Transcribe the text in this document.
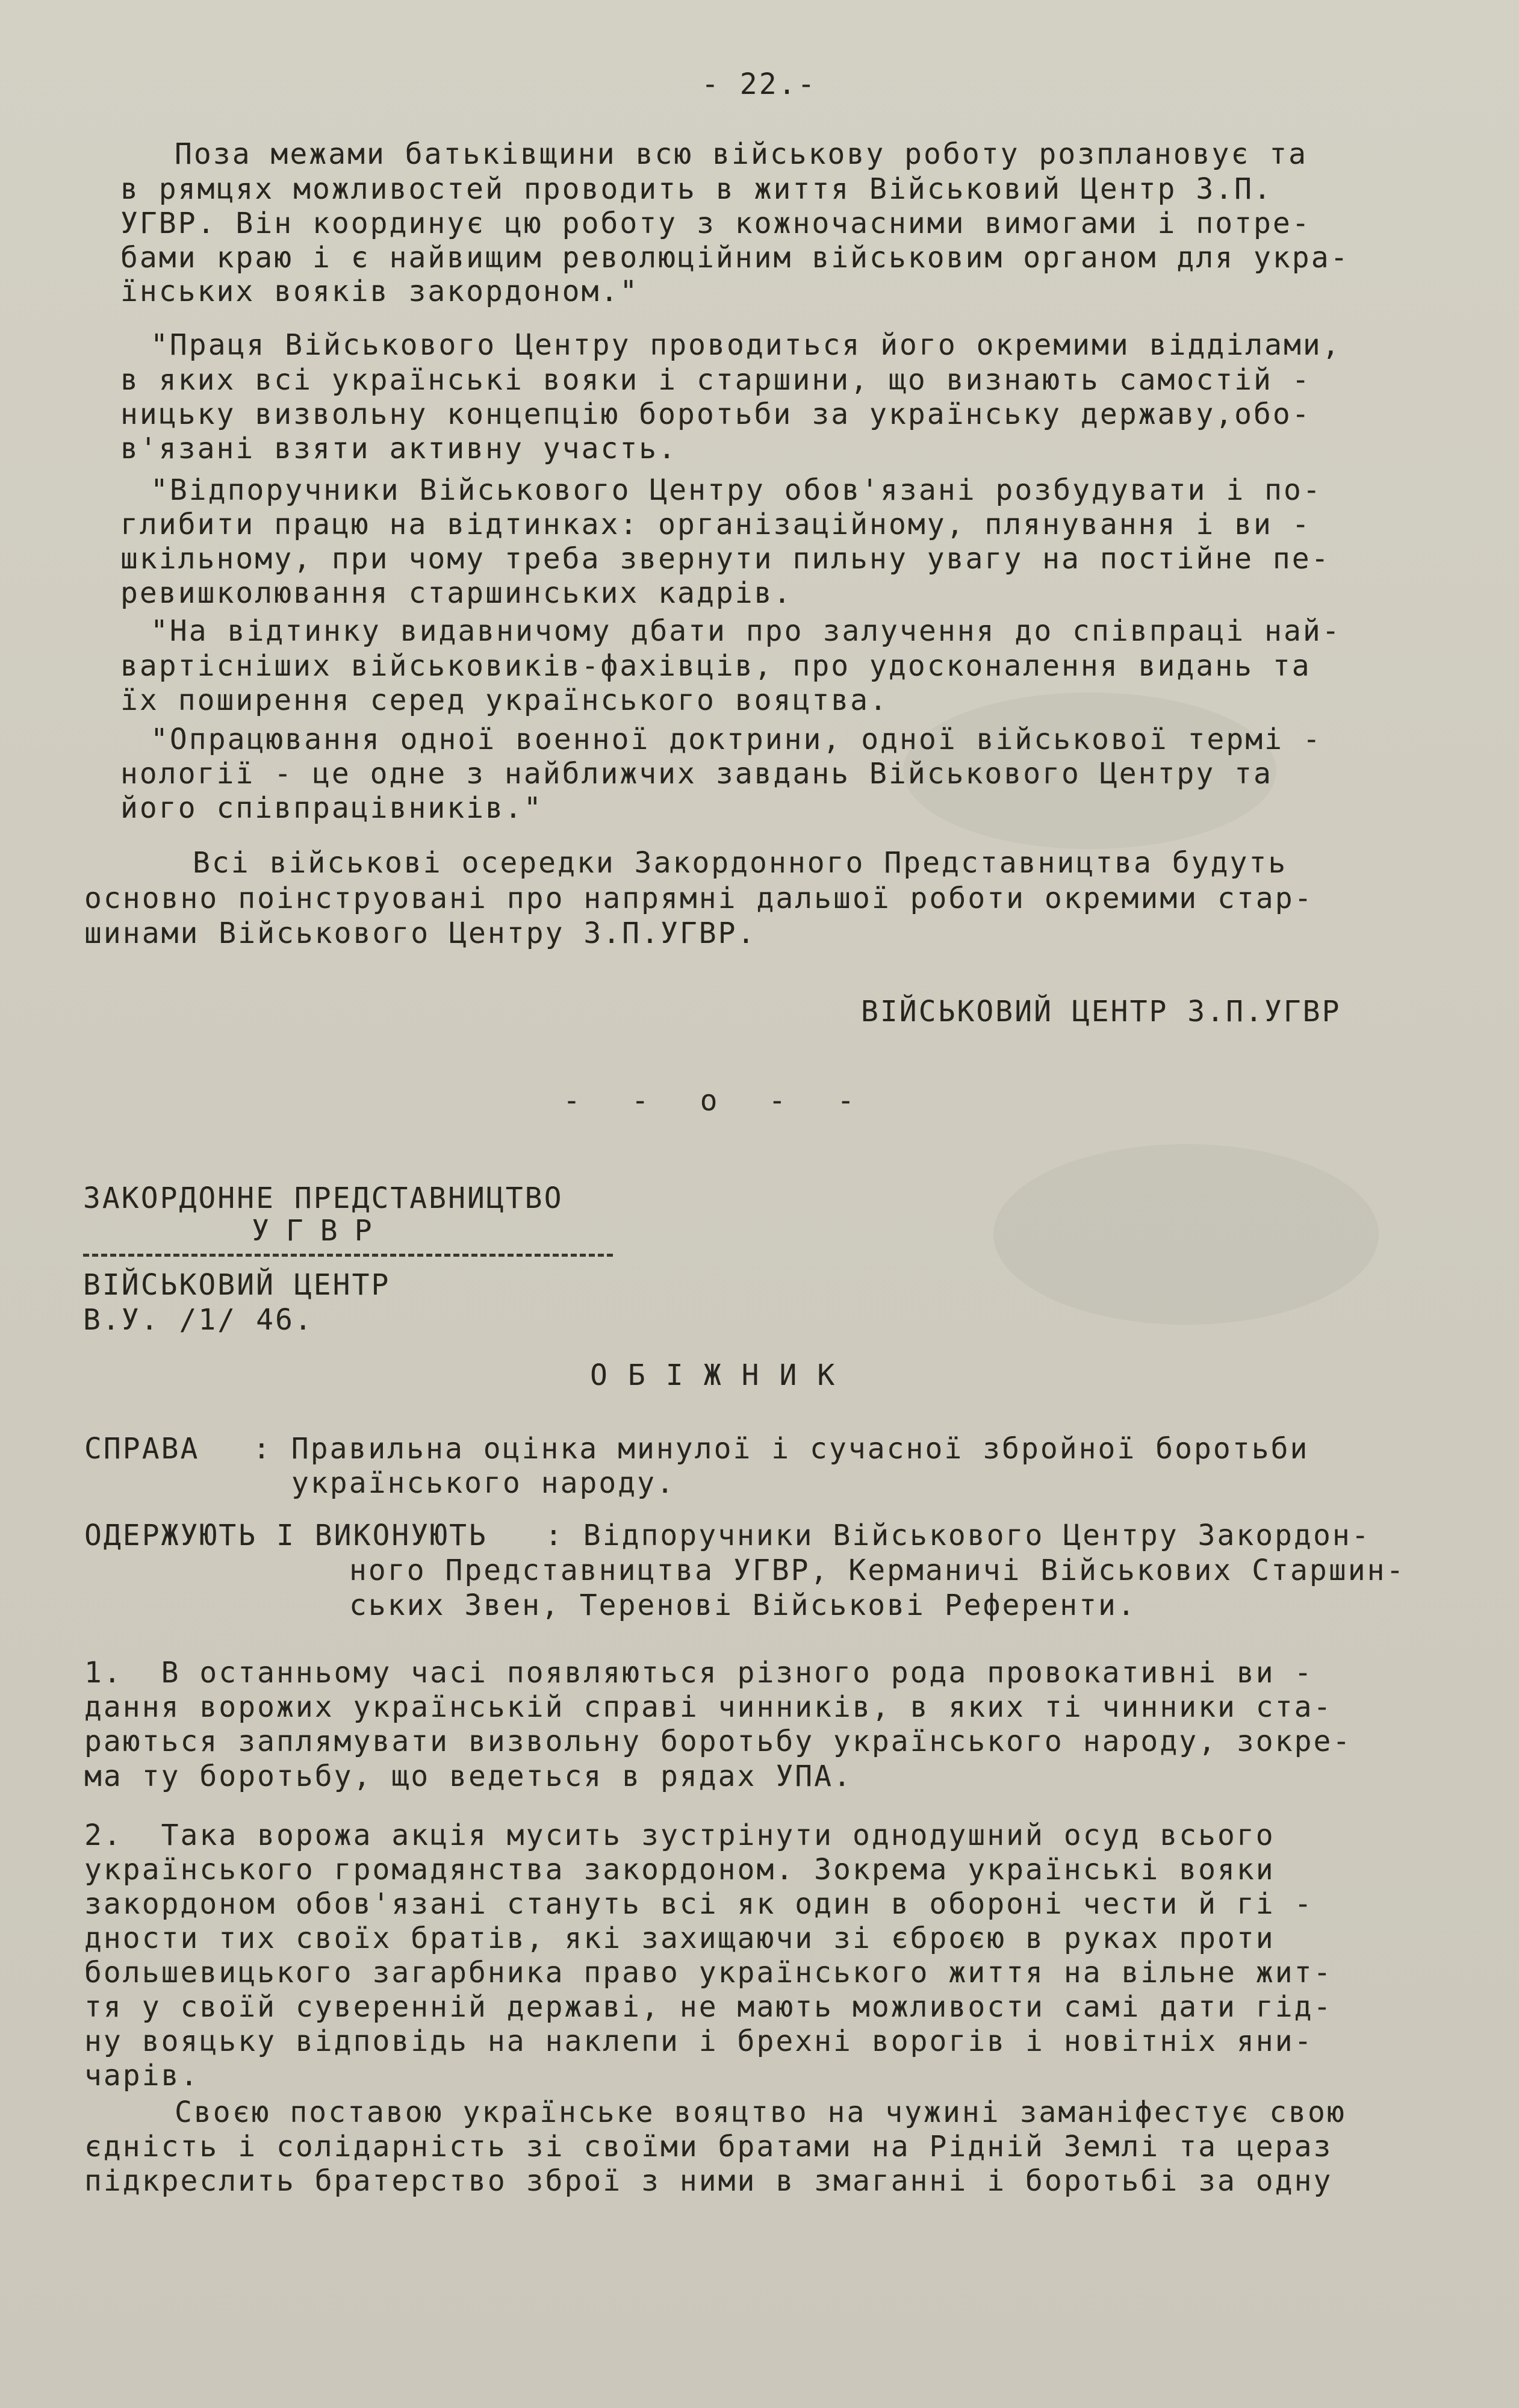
- 22.-
Поза межами батьківщини всю військову роботу розплановує та
в рямцях можливостей проводить в життя Військовий Центр З.П.
УГВР. Він координує цю роботу з кожночасними вимогами і потре-
бами краю і є найвищим революційним військовим органом для укра-
їнських вояків закордоном."
"Праця Військового Центру проводиться його окремими відділами,
в яких всі українські вояки і старшини, що визнають самостій -
ницьку визвольну концепцію боротьби за українську державу,обо-
в'язані взяти активну участь.
"Відпоручники Військового Центру обов'язані розбудувати і по-
глибити працю на відтинках: організаційному, плянування і ви -
шкільному, при чому треба звернути пильну увагу на постійне пе-
ревишколювання старшинських кадрів.
"На відтинку видавничому дбати про залучення до співпраці най-
вартісніших військовиків-фахівців, про удосконалення видань та
їх поширення серед українського вояцтва.
"Опрацювання одної военної доктрини, одної військової термі -
нології - це одне з найближчих завдань Військового Центру та
його співпрацівників."
Всі військові осередки Закордонного Представництва будуть
основно поінструовані про напрямні дальшої роботи окремими стар-
шинами Військового Центру З.П.УГВР.
ВІЙСЬКОВИЙ ЦЕНТР З.П.УГВР
- - o - -
ЗАКОРДОННЕ ПРЕДСТАВНИЦТВО
УГВР
ВІЙСЬКОВИЙ ЦЕНТР
В.У. /1/ 46.
ОБІЖНИК
СПРАВА : Правильна оцінка минулої і сучасної збройної боротьби
українського народу.
ОДЕРЖУЮТЬ І ВИКОНУЮТЬ : Відпоручники Військового Центру Закордон-
ного Представництва УГВР, Керманичі Військових Старшин-
ських Звен, Теренові Військові Референти.
1.  В останньому часі появляються різного рода провокативні ви -
дання ворожих українській справі чинників, в яких ті чинники ста-
раються заплямувати визвольну боротьбу українського народу, зокре-
ма ту боротьбу, що ведеться в рядах УПА.
2.  Така ворожа акція мусить зустрінути однодушний осуд всього
українського громадянства закордоном. Зокрема українські вояки
закордоном обов'язані стануть всі як один в обороні чести й гі -
дности тих своїх братів, які захищаючи зі єброєю в руках проти
большевицького загарбника право українського життя на вільне жит-
тя у своїй суверенній державі, не мають можливости самі дати гід-
ну вояцьку відповідь на наклепи і брехні ворогів і новітніх яни-
чарів.
Своєю поставою українське вояцтво на чужині заманіфестує свою
єдність і солідарність зі своїми братами на Рідній Землі та цераз
підкреслить братерство зброї з ними в змаганні і боротьбі за одну
